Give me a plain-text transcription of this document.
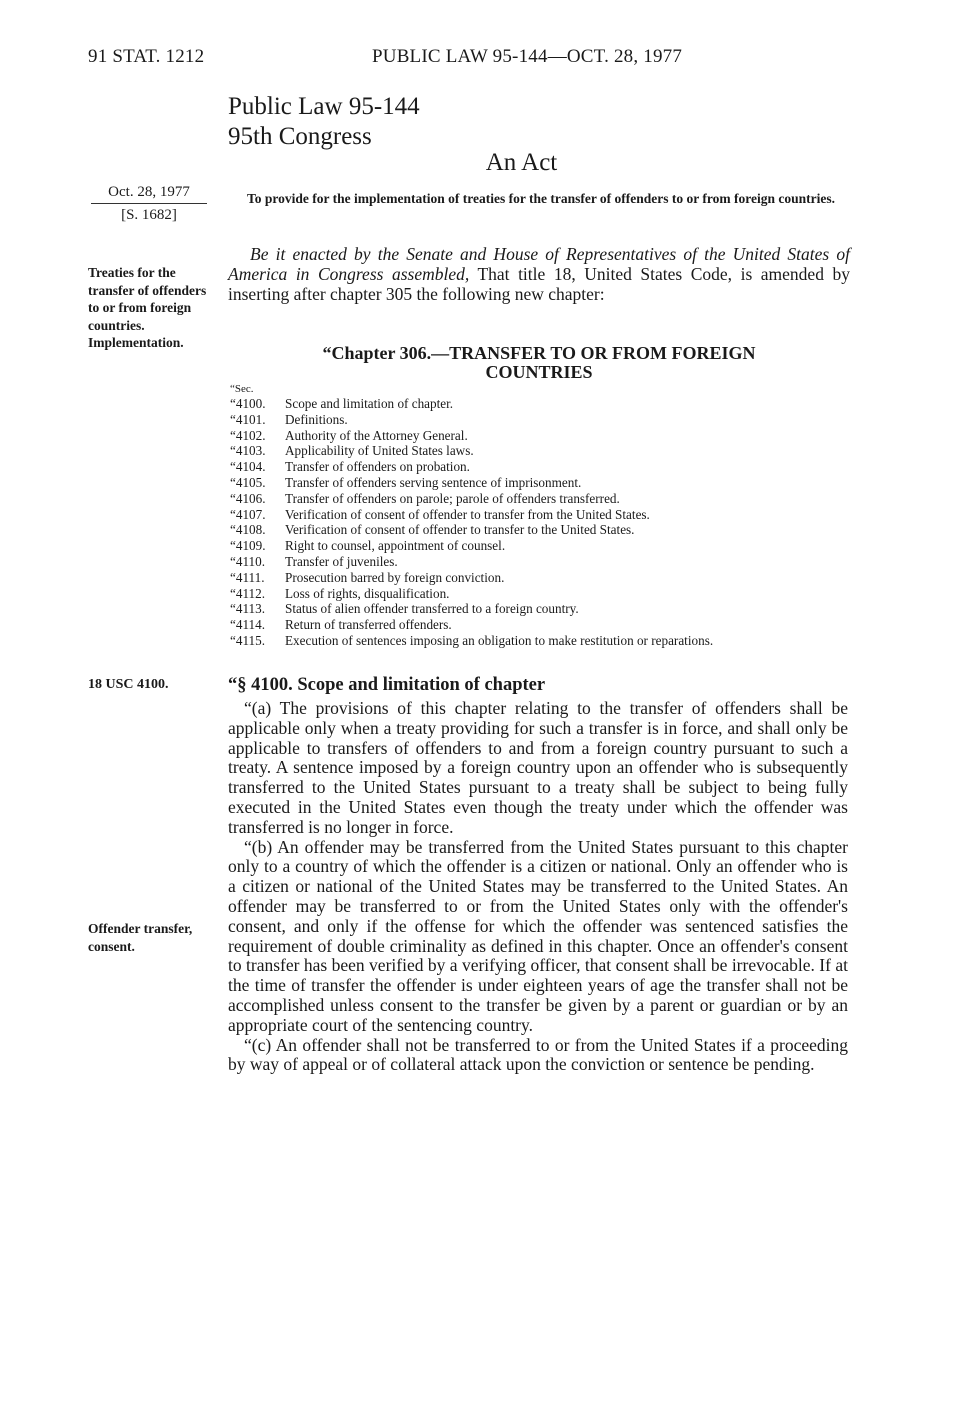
91 STAT. 1212	PUBLIC LAW 95-144—OCT. 28, 1977
Public Law 95-144
95th Congress
An Act
Oct. 28, 1977
[S. 1682]
To provide for the implementation of treaties for the transfer of offenders to or from foreign countries.
Treaties for the transfer of offenders to or from foreign countries. Implementation.
Be it enacted by the Senate and House of Representatives of the United States of America in Congress assembled, That title 18, United States Code, is amended by inserting after chapter 305 the following new chapter:
“Chapter 306.—TRANSFER TO OR FROM FOREIGN
COUNTRIES
“Sec.
“4100.	Scope and limitation of chapter.
“4101.	Definitions.
“4102.	Authority of the Attorney General.
“4103.	Applicability of United States laws.
“4104.	Transfer of offenders on probation.
“4105.	Transfer of offenders serving sentence of imprisonment.
“4106.	Transfer of offenders on parole; parole of offenders transferred.
“4107.	Verification of consent of offender to transfer from the United States.
“4108.	Verification of consent of offender to transfer to the United States.
“4109.	Right to counsel, appointment of counsel.
“4110.	Transfer of juveniles.
“4111.	Prosecution barred by foreign conviction.
“4112.	Loss of rights, disqualification.
“4113.	Status of alien offender transferred to a foreign country.
“4114.	Return of transferred offenders.
“4115.	Execution of sentences imposing an obligation to make restitution or reparations.
18 USC 4100.	“§ 4100. Scope and limitation of chapter

“(a) The provisions of this chapter relating to the transfer of offenders shall be applicable only when a treaty providing for such a transfer is in force, and shall only be applicable to transfers of offenders to and from a foreign country pursuant to such a treaty. A sentence imposed by a foreign country upon an offender who is subsequently transferred to the United States pursuant to a treaty shall be subject to being fully executed in the United States even though the treaty under which the offender was transferred is no longer in force.

“(b) An offender may be transferred from the United States pursuant to this chapter only to a country of which the offender is a citizen or national. Only an offender who is a citizen or national of the United States may be transferred to the United States. An offender may be transferred to or from the United States only with the offender's consent, and only if the offense for which the offender was sentenced satisfies the requirement of double criminality as defined in this chapter. Once an offender's consent to transfer has been verified by a verifying officer, that consent shall be irrevocable. If at the time of transfer the offender is under eighteen years of age the transfer shall not be accomplished unless consent to the transfer be given by a parent or guardian or by an appropriate court of the sentencing country.

“(c) An offender shall not be transferred to or from the United States if a proceeding by way of appeal or of collateral attack upon the conviction or sentence be pending.

Offender transfer, consent.
